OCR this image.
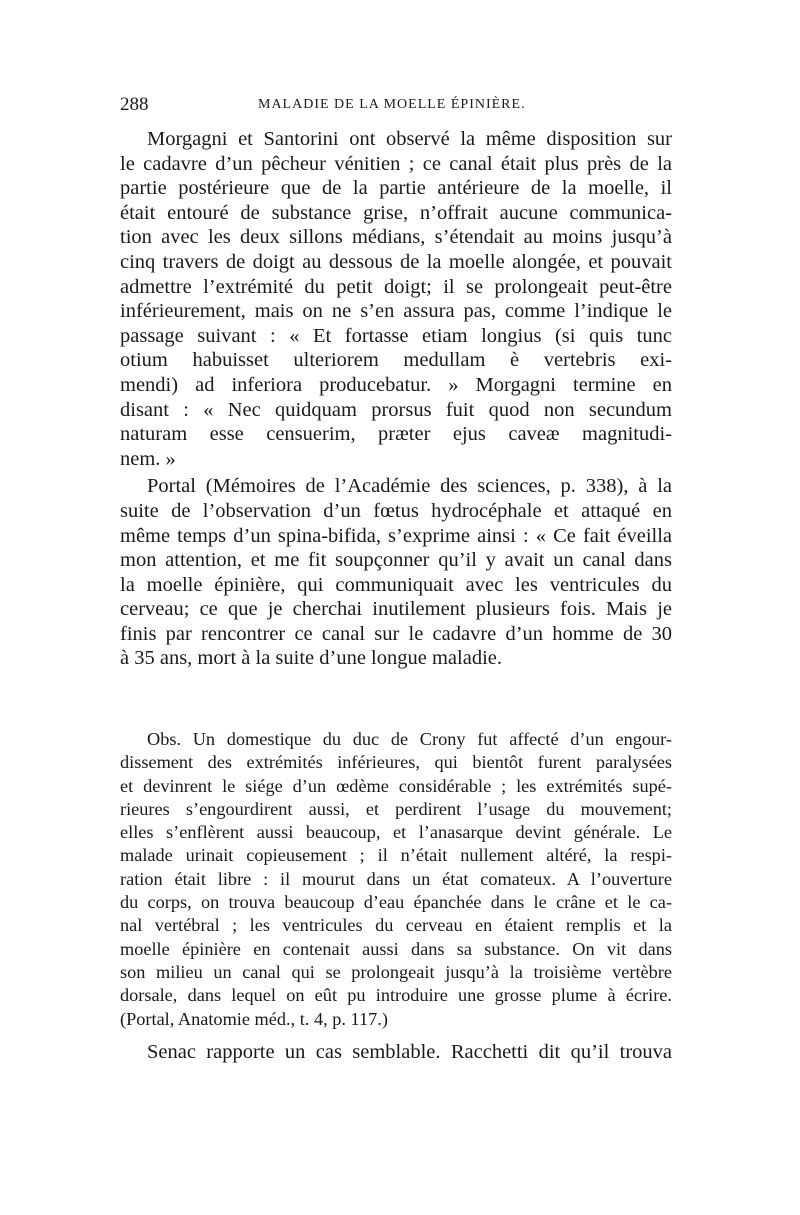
288	MALADIE DE LA MOELLE ÉPINIÈRE.
Morgagni et Santorini ont observé la même disposition sur
le cadavre d’un pêcheur vénitien ; ce canal était plus près de la
partie postérieure que de la partie antérieure de la moelle, il
était entouré de substance grise, n’offrait aucune communica-
tion avec les deux sillons médians, s’étendait au moins jusqu’à
cinq travers de doigt au dessous de la moelle alongée, et pouvait
admettre l’extrémité du petit doigt; il se prolongeait peut-être
inférieurement, mais on ne s’en assura pas, comme l’indique le
passage suivant : « Et fortasse etiam longius (si quis tunc
otium habuisset ulteriorem medullam è vertebris exi-
mendi) ad inferiora producebatur. » Morgagni termine en
disant : « Nec quidquam prorsus fuit quod non secundum
naturam esse censuerim, præter ejus caveæ magnitudi-
nem. »
Portal (Mémoires de l’Académie des sciences, p. 338), à la
suite de l’observation d’un fœtus hydrocéphale et attaqué en
même temps d’un spina-bifida, s’exprime ainsi : « Ce fait éveilla
mon attention, et me fit soupçonner qu’il y avait un canal dans
la moelle épinière, qui communiquait avec les ventricules du
cerveau; ce que je cherchai inutilement plusieurs fois. Mais je
finis par rencontrer ce canal sur le cadavre d’un homme de 30
à 35 ans, mort à la suite d’une longue maladie.
Obs. Un domestique du duc de Crony fut affecté d’un engour-
dissement des extrémités inférieures, qui bientôt furent paralysées
et devinrent le siége d’un œdème considérable ; les extrémités supé-
rieures s’engourdirent aussi, et perdirent l’usage du mouvement;
elles s’enflèrent aussi beaucoup, et l’anasarque devint générale. Le
malade urinait copieusement ; il n’était nullement altéré, la respi-
ration était libre : il mourut dans un état comateux. A l’ouverture
du corps, on trouva beaucoup d’eau épanchée dans le crâne et le ca-
nal vertébral ; les ventricules du cerveau en étaient remplis et la
moelle épinière en contenait aussi dans sa substance. On vit dans
son milieu un canal qui se prolongeait jusqu’à la troisième vertèbre
dorsale, dans lequel on eût pu introduire une grosse plume à écrire.
(Portal, Anatomie méd., t. 4, p. 117.)
Senac rapporte un cas semblable. Racchetti dit qu’il trouva
